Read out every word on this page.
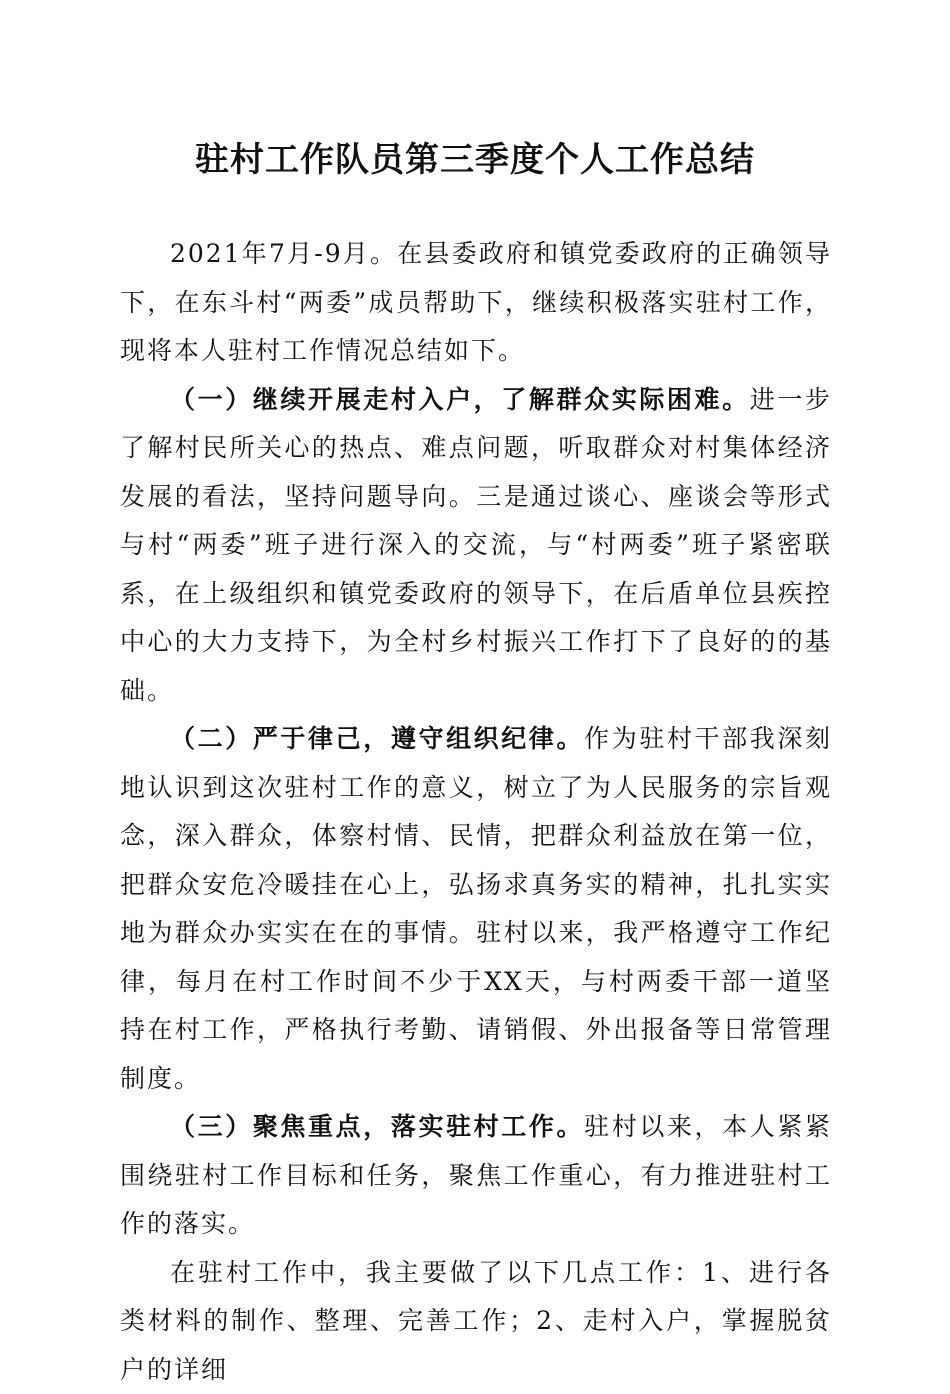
驻村工作队员第三季度个人工作总结

2021年7月-9月。在县委政府和镇党委政府的正确领导下，在东斗村“两委”成员帮助下，继续积极落实驻村工作，现将本人驻村工作情况总结如下。

（一）继续开展走村入户，了解群众实际困难。进一步了解村民所关心的热点、难点问题，听取群众对村集体经济发展的看法，坚持问题导向。三是通过谈心、座谈会等形式与村“两委”班子进行深入的交流，与“村两委”班子紧密联系，在上级组织和镇党委政府的领导下，在后盾单位县疾控中心的大力支持下，为全村乡村振兴工作打下了良好的的基础。

（二）严于律己，遵守组织纪律。作为驻村干部我深刻地认识到这次驻村工作的意义，树立了为人民服务的宗旨观念，深入群众，体察村情、民情，把群众利益放在第一位，把群众安危冷暖挂在心上，弘扬求真务实的精神，扎扎实实地为群众办实实在在的事情。驻村以来，我严格遵守工作纪律，每月在村工作时间不少于XX天，与村两委干部一道坚持在村工作，严格执行考勤、请销假、外出报备等日常管理制度。

（三）聚焦重点，落实驻村工作。驻村以来，本人紧紧围绕驻村工作目标和任务，聚焦工作重心，有力推进驻村工作的落实。

在驻村工作中，我主要做了以下几点工作：1、进行各类材料的制作、整理、完善工作；2、走村入户，掌握脱贫户的详细
